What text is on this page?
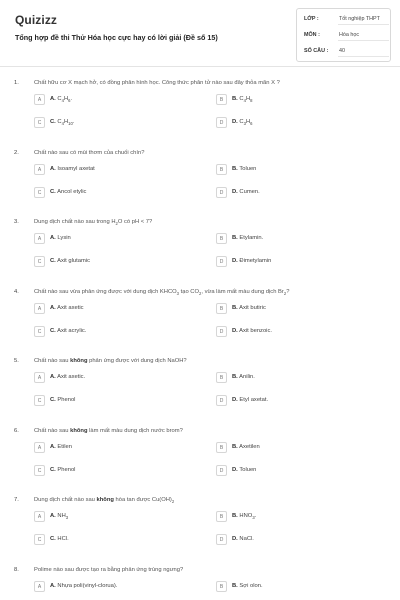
Quizizz
Tổng hợp đề thi Thử Hóa học cực hay có lời giải (Đề số 15)
LỚP :	Tốt nghiệp THPT
MÔN :	Hóa học
SỐ CÂU : 40
1.	Chất hữu cơ X mạch hở, có đồng phân hình học. Công thức phân tử nào sau đây thỏa mãn X ?
A	A. $C_4H_6$.	B	B. $C_4H_8$
C	C. $C_4H_{10}$.	D	D. $C_3H_6$
2.	Chất nào sau có mùi thơm của chuối chín?
A	A. Isoamyl axetat	B	B. Toluen
C	C. Ancol etylic	D	D. Cumen.
3.	Dung dịch chất nào sau trong $H_2O$ có pH < 7?
A	A. Lysin	B	B. Etylamin.
C	C. Axit glutamic	D	D. Đimetylamin
4.	Chất nào sau vừa phản ứng được với dung dịch $KHCO_3$ tạo $CO_2$, vừa làm mất màu dung dịch $Br_2$?
A	A. Axit axetic	B	B. Axit butiric
C	C. Axit acrylic.	D	D. Axit benzoic.
5.	Chất nào sau không phản ứng được với dung dịch NaOH?
A	A. Axit axetic.	B	B. Anilin.
C	C. Phenol	D	D. Etyl axetat.
6.	Chất nào sau không làm mất màu dung dịch nước brom?
A	A. Etilen	B	B. Axetilen
C	C. Phenol	D	D. Toluen
7.	Dung dịch chất nào sau không hòa tan được $Cu(OH)_2$
A	A. $NH_3$	B	B. $HNO_3$.
C	C. HCl.	D	D. NaCl.
8.	Polime nào sau được tạo ra bằng phản ứng trùng ngưng?
A	A. Nhựa poli(vinyl-clorua).	B	B. Sợi olon.
